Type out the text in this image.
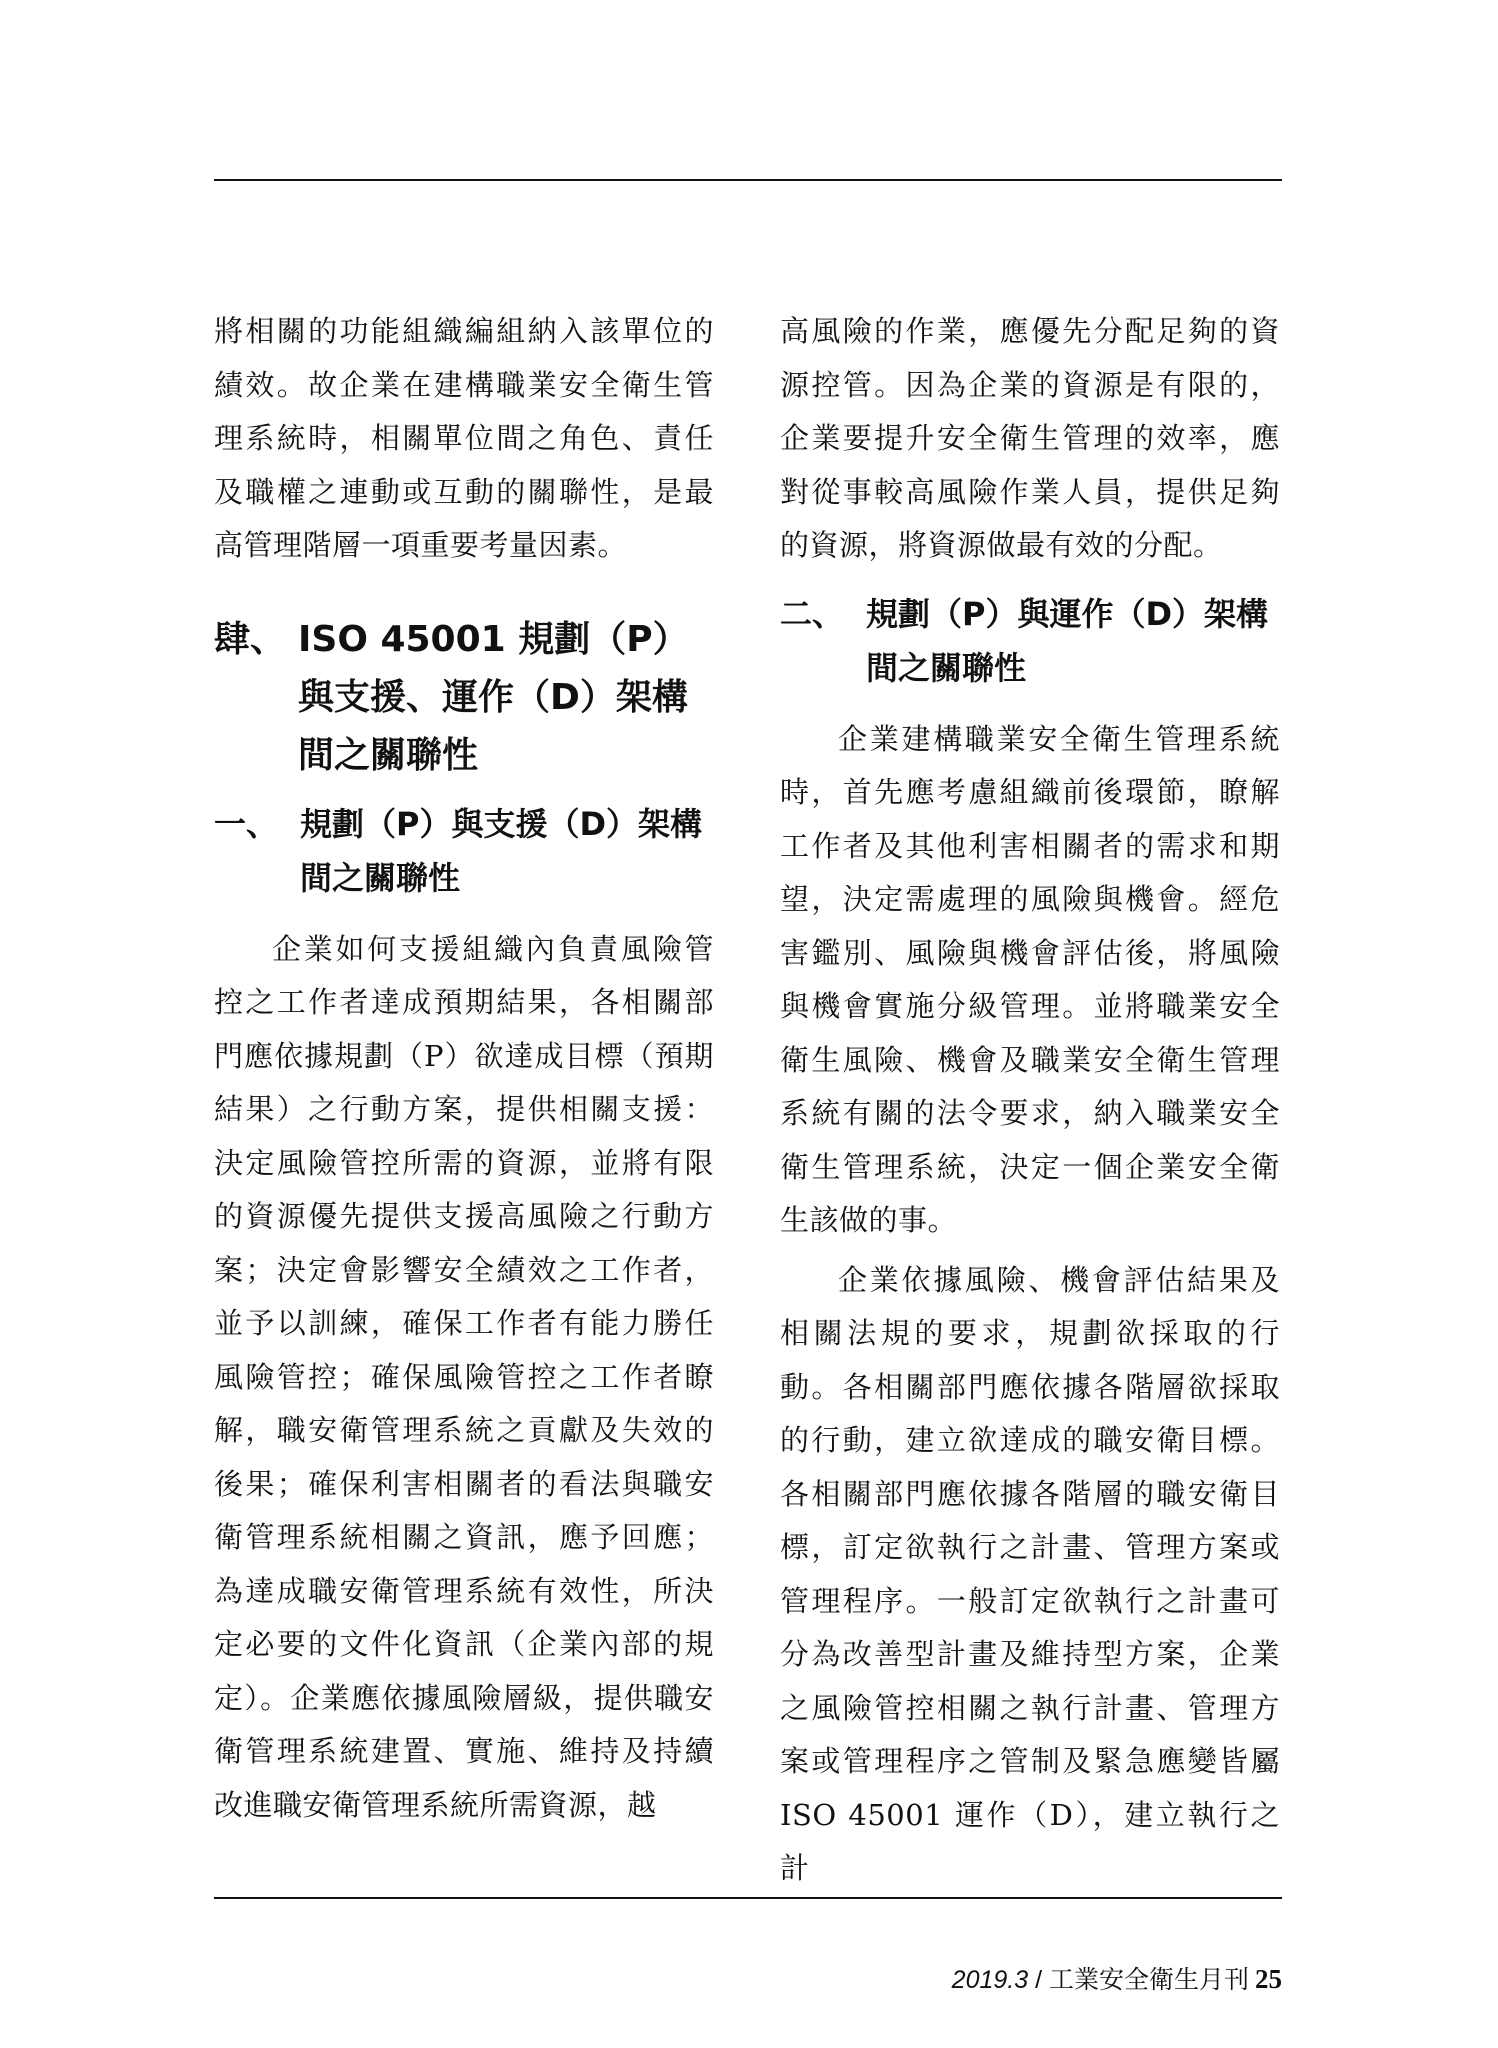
將相關的功能組織編組納入該單位的績效。故企業在建構職業安全衛生管理系統時，相關單位間之角色、責任及職權之連動或互動的關聯性，是最高管理階層一項重要考量因素。

肆、 ISO 45001 規劃（P）與支援、運作（D）架構間之關聯性
一、 規劃（P）與支援（D）架構間之關聯性

企業如何支援組織內負責風險管控之工作者達成預期結果，各相關部門應依據規劃（P）欲達成目標（預期結果）之行動方案，提供相關支援：決定風險管控所需的資源，並將有限的資源優先提供支援高風險之行動方案；決定會影響安全績效之工作者，並予以訓練，確保工作者有能力勝任風險管控；確保風險管控之工作者瞭解，職安衛管理系統之貢獻及失效的後果；確保利害相關者的看法與職安衛管理系統相關之資訊，應予回應；為達成職安衛管理系統有效性，所決定必要的文件化資訊（企業內部的規定）。企業應依據風險層級，提供職安衛管理系統建置、實施、維持及持續改進職安衛管理系統所需資源，越

高風險的作業，應優先分配足夠的資源控管。因為企業的資源是有限的，企業要提升安全衛生管理的效率，應對從事較高風險作業人員，提供足夠的資源，將資源做最有效的分配。

二、 規劃（P）與運作（D）架構間之關聯性

企業建構職業安全衛生管理系統時，首先應考慮組織前後環節，瞭解工作者及其他利害相關者的需求和期望，決定需處理的風險與機會。經危害鑑別、風險與機會評估後，將風險與機會實施分級管理。並將職業安全衛生風險、機會及職業安全衛生管理系統有關的法令要求，納入職業安全衛生管理系統，決定一個企業安全衛生該做的事。

企業依據風險、機會評估結果及相關法規的要求，規劃欲採取的行動。各相關部門應依據各階層欲採取的行動，建立欲達成的職安衛目標。各相關部門應依據各階層的職安衛目標，訂定欲執行之計畫、管理方案或管理程序。一般訂定欲執行之計畫可分為改善型計畫及維持型方案，企業之風險管控相關之執行計畫、管理方案或管理程序之管制及緊急應變皆屬ISO 45001 運作（D），建立執行之計

2019.3 / 工業安全衛生月刊 25
